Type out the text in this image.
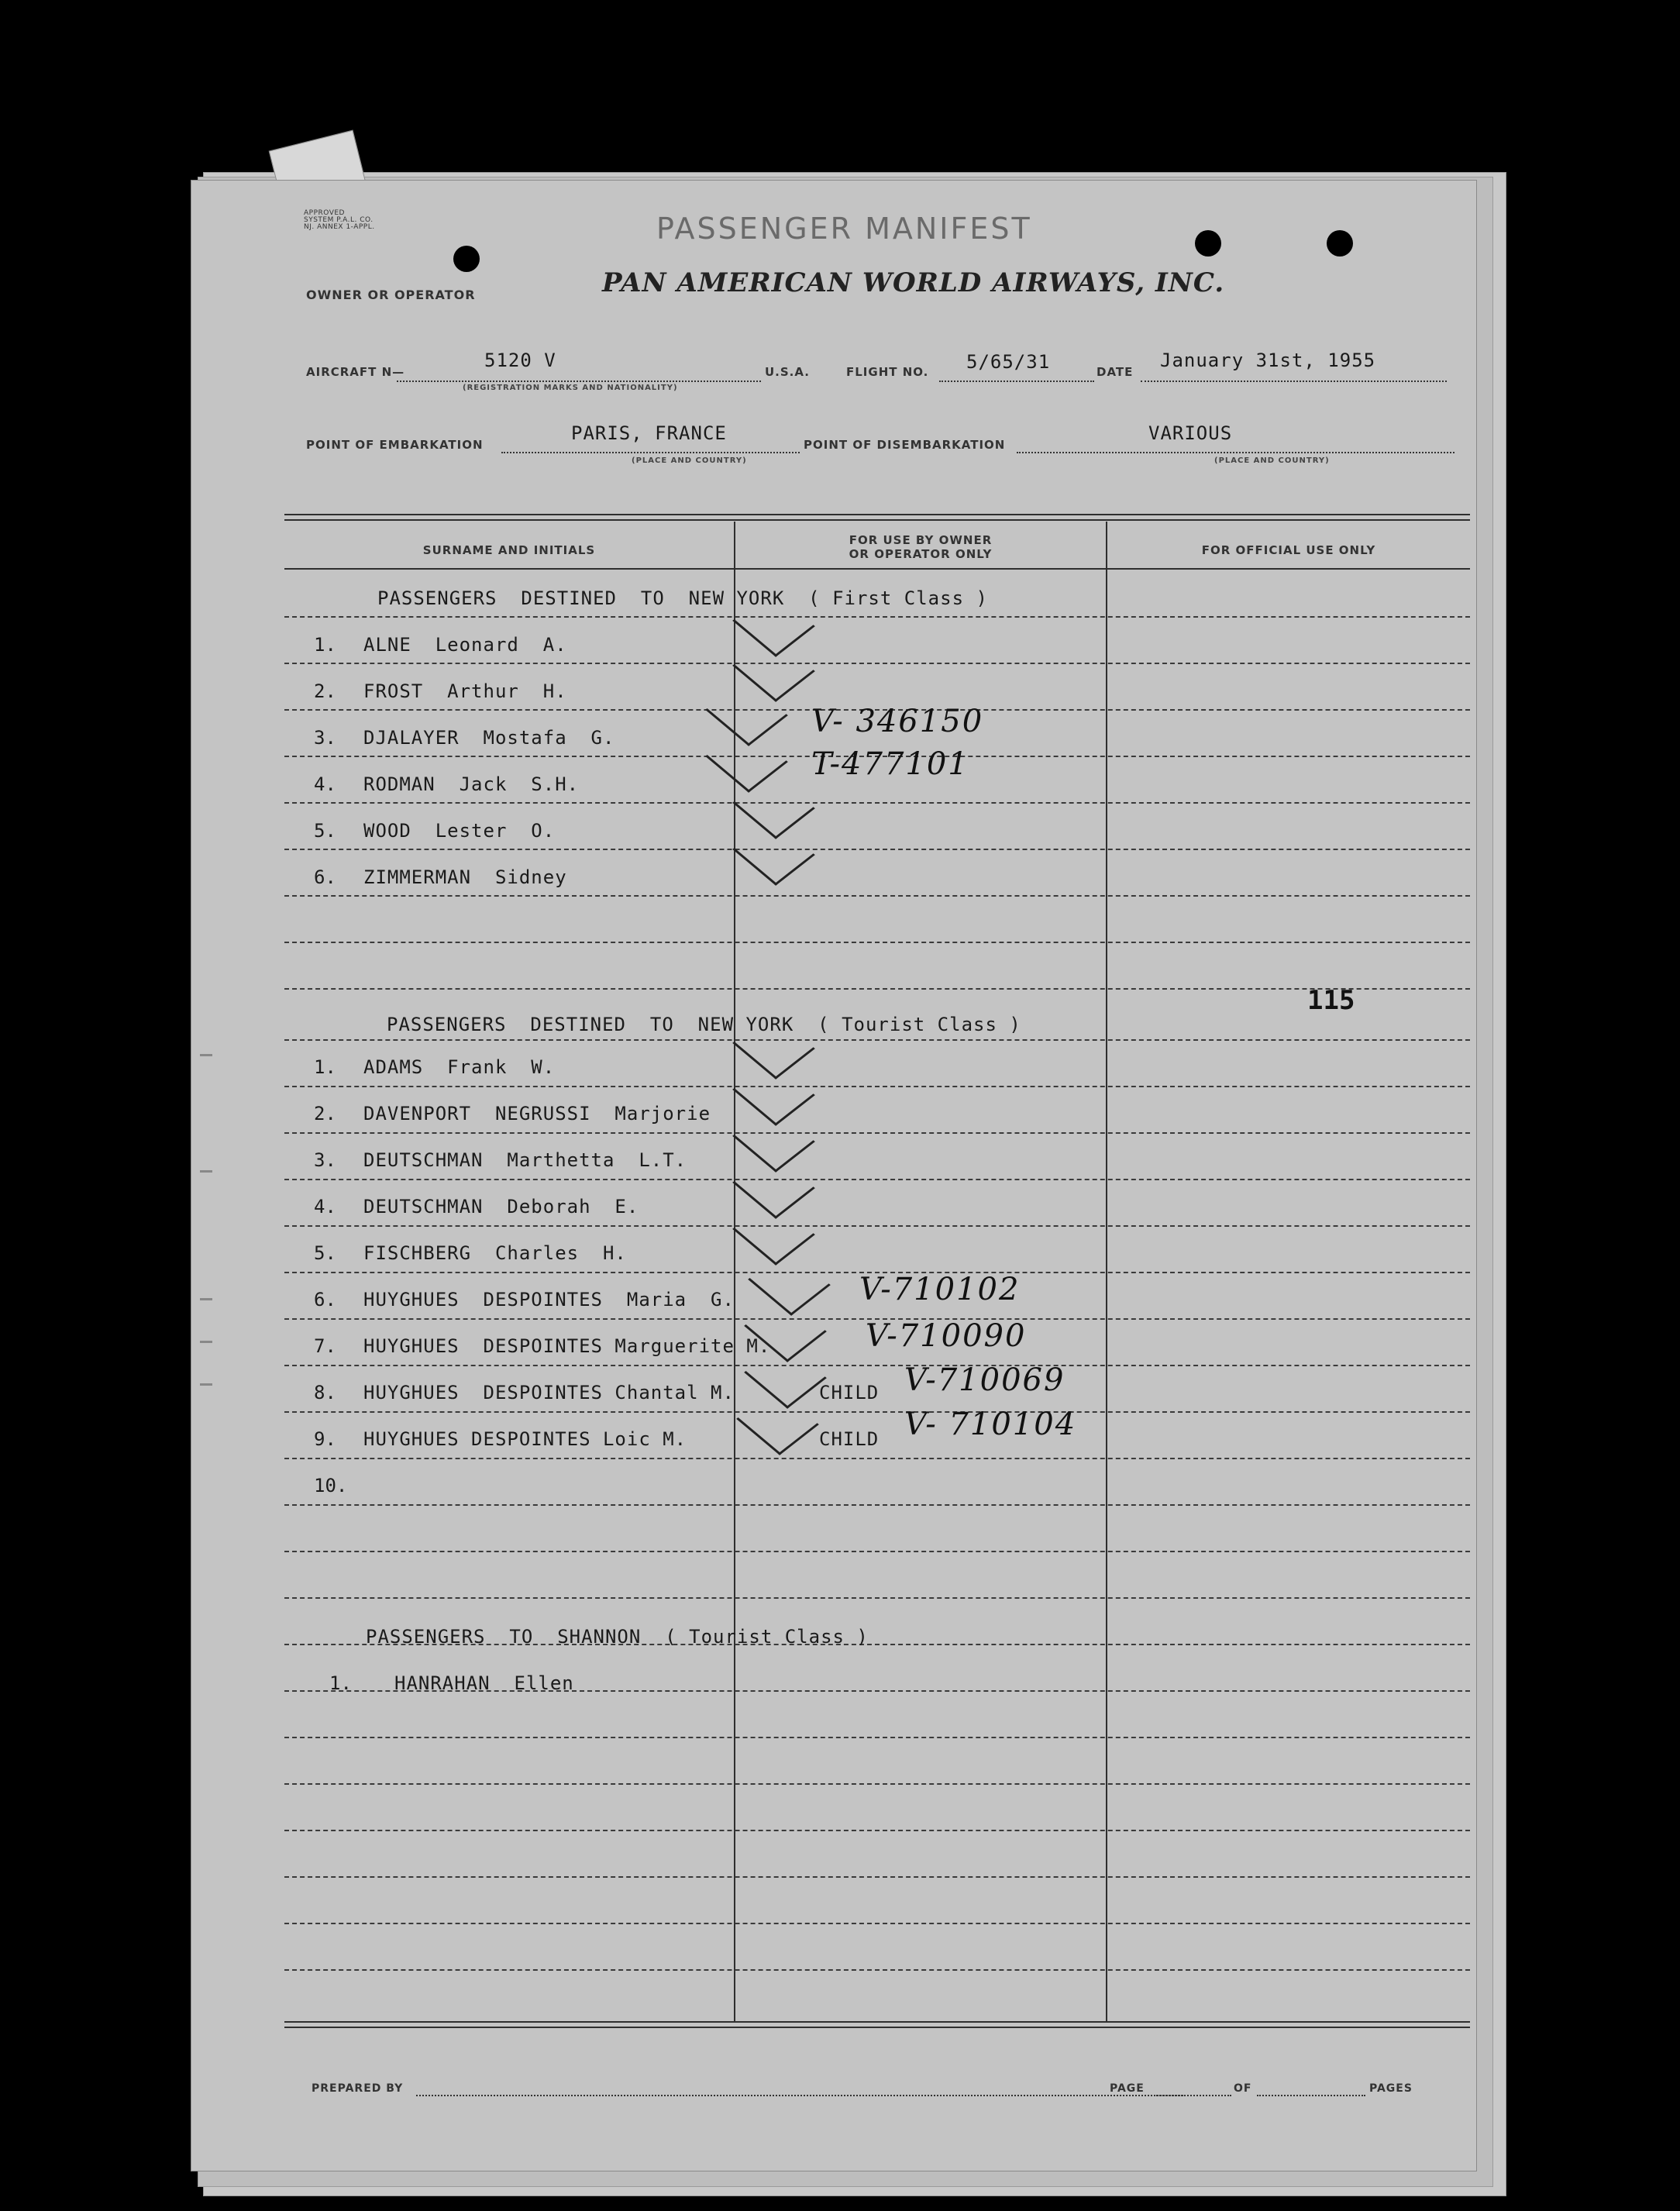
APPROVED
SYSTEM P.A.L. CO.
NJ. ANNEX 1-APPL.
OWNER OR OPERATOR
PASSENGER MANIFEST
PAN AMERICAN WORLD AIRWAYS, INC.
AIRCRAFT N—
5120 V
(REGISTRATION MARKS AND NATIONALITY)
U.S.A.	FLIGHT NO. 5/65/31	DATE
January 31st, 1955
POINT OF EMBARKATION
PARIS, FRANCE
(PLACE AND COUNTRY)
POINT OF DISEMBARKATION
VARIOUS
(PLACE AND COUNTRY)
SURNAME AND INITIALS
FOR USE BY OWNER
OR OPERATOR ONLY	FOR OFFICIAL USE ONLY
PASSENGERS  DESTINED  TO  NEW YORK  ( First Class )
1. ALNE  Leonard  A.
2. FROST  Arthur  H.
3. DJALAYER  Mostafa  G.	V- 346150
4. RODMAN  Jack  S.H.
T-477101
5. WOOD  Lester  O.
6. ZIMMERMAN  Sidney
115
PASSENGERS  DESTINED  TO  NEW YORK  ( Tourist Class )
1. ADAMS  Frank  W.
2. DAVENPORT  NEGRUSSI  Marjorie
3. DEUTSCHMAN  Marthetta  L.T.
4. DEUTSCHMAN  Deborah  E.
5. FISCHBERG  Charles  H.
6. HUYGHUES  DESPOINTES  Maria  G.	V-710102
7. HUYGHUES  DESPOINTES Marguerite M.	V-710090
8. HUYGHUES  DESPOINTES Chantal M.	CHILD V-710069
9. HUYGHUES DESPOINTES Loic M.	CHILD V- 710104
10.
PASSENGERS  TO  SHANNON  ( Tourist Class )
1. HANRAHAN  Ellen
PREPARED BY	PAGE	OF	PAGES
